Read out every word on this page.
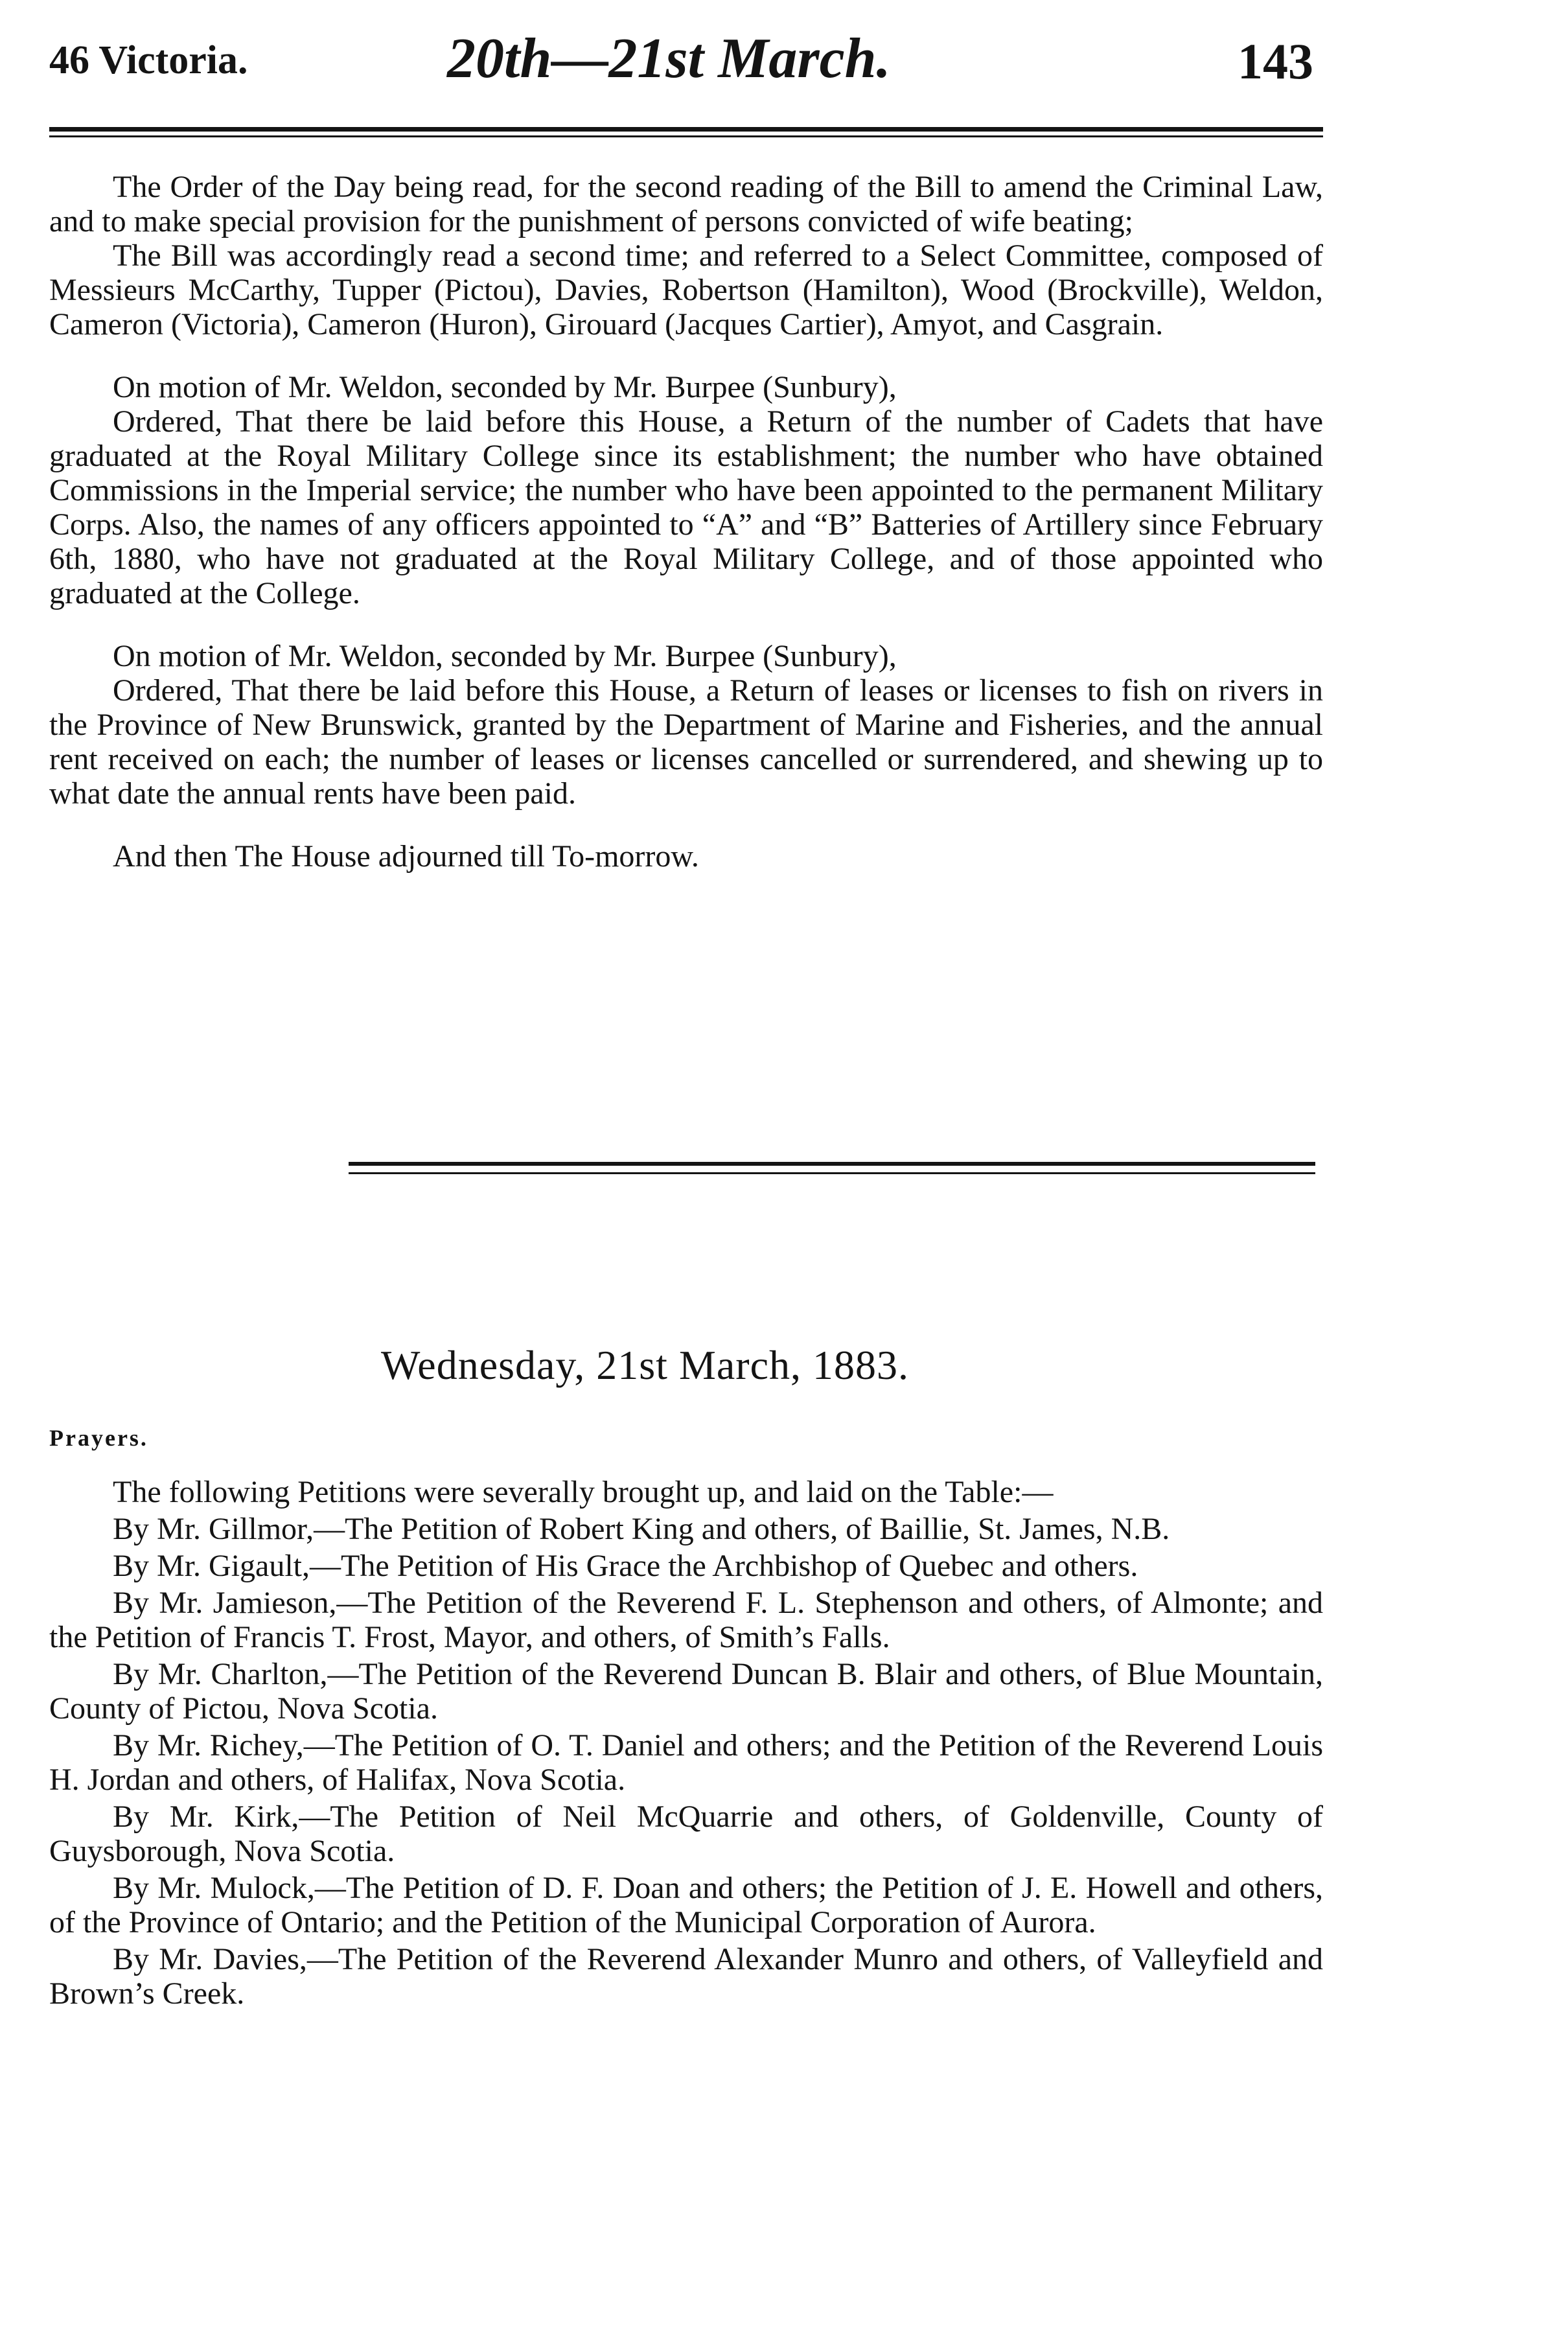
46 Victoria.	20th—21st March.	143

The Order of the Day being read, for the second reading of the Bill to amend the Criminal Law, and to make special provision for the punishment of persons convicted of wife beating;

The Bill was accordingly read a second time; and referred to a Select Committee, composed of Messieurs McCarthy, Tupper (Pictou), Davies, Robertson (Hamilton), Wood (Brockville), Weldon, Cameron (Victoria), Cameron (Huron), Girouard (Jacques Cartier), Amyot, and Casgrain.

On motion of Mr. Weldon, seconded by Mr. Burpee (Sunbury),

Ordered, That there be laid before this House, a Return of the number of Cadets that have graduated at the Royal Military College since its establishment; the number who have obtained Commissions in the Imperial service; the number who have been appointed to the permanent Military Corps. Also, the names of any officers appointed to “A” and “B” Batteries of Artillery since February 6th, 1880, who have not graduated at the Royal Military College, and of those appointed who graduated at the College.

On motion of Mr. Weldon, seconded by Mr. Burpee (Sunbury),

Ordered, That there be laid before this House, a Return of leases or licenses to fish on rivers in the Province of New Brunswick, granted by the Department of Marine and Fisheries, and the annual rent received on each; the number of leases or licenses cancelled or surrendered, and shewing up to what date the annual rents have been paid.

And then The House adjourned till To-morrow.

Wednesday, 21st March, 1883.
Prayers.

The following Petitions were severally brought up, and laid on the Table:—

By Mr. Gillmor,—The Petition of Robert King and others, of Baillie, St. James, N.B.

By Mr. Gigault,—The Petition of His Grace the Archbishop of Quebec and others.

By Mr. Jamieson,—The Petition of the Reverend F. L. Stephenson and others, of Almonte; and the Petition of Francis T. Frost, Mayor, and others, of Smith’s Falls.

By Mr. Charlton,—The Petition of the Reverend Duncan B. Blair and others, of Blue Mountain, County of Pictou, Nova Scotia.

By Mr. Richey,—The Petition of O. T. Daniel and others; and the Petition of the Reverend Louis H. Jordan and others, of Halifax, Nova Scotia.

By Mr. Kirk,—The Petition of Neil McQuarrie and others, of Goldenville, County of Guysborough, Nova Scotia.

By Mr. Mulock,—The Petition of D. F. Doan and others; the Petition of J. E. Howell and others, of the Province of Ontario; and the Petition of the Municipal Corporation of Aurora.

By Mr. Davies,—The Petition of the Reverend Alexander Munro and others, of Valleyfield and Brown’s Creek.
